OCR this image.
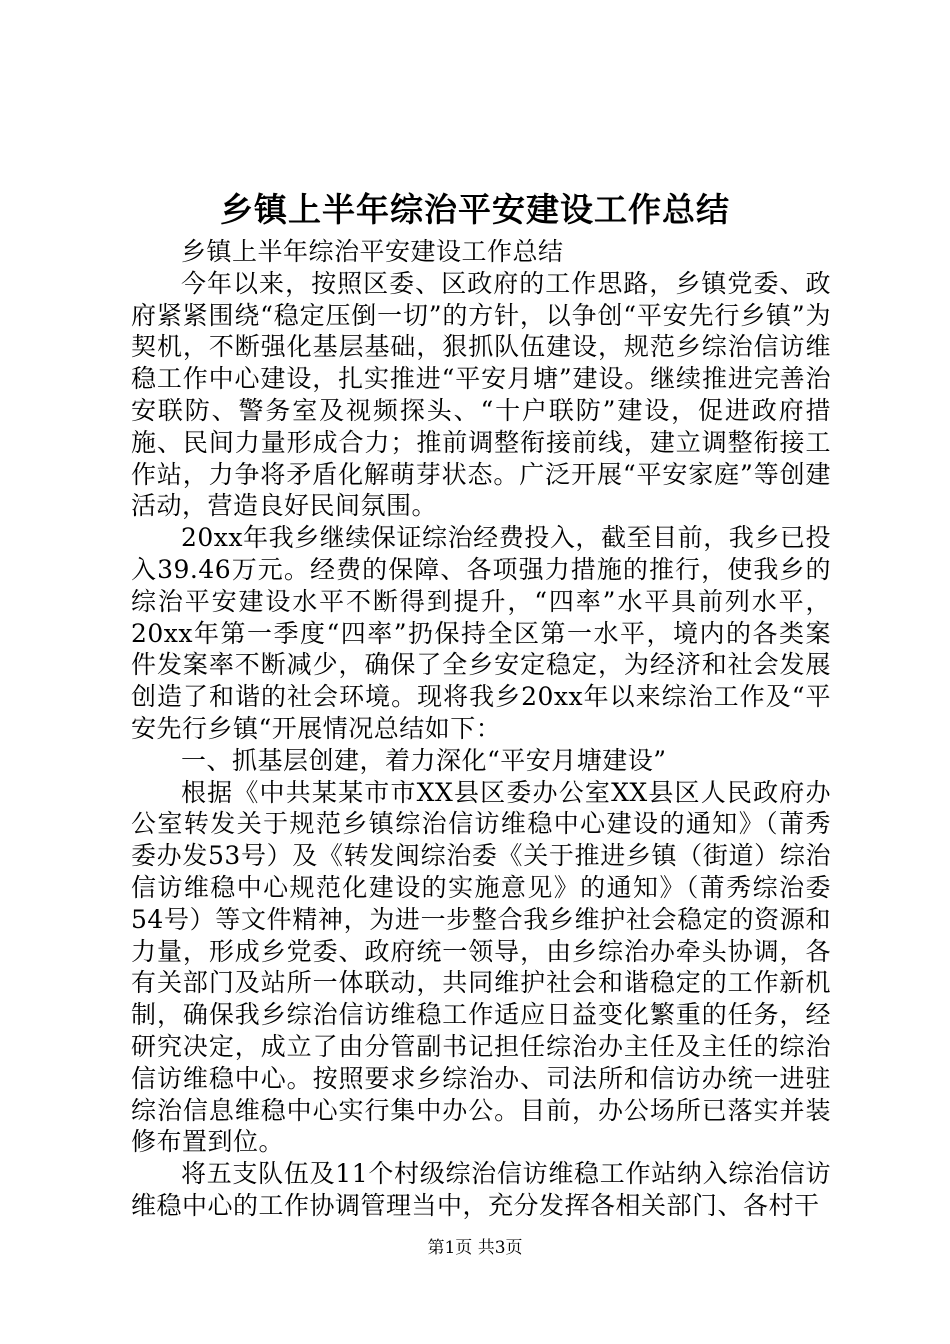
乡镇上半年综治平安建设工作总结

乡镇上半年综治平安建设工作总结

今年以来，按照区委、区政府的工作思路，乡镇党委、政府紧紧围绕“稳定压倒一切”的方针，以争创“平安先行乡镇”为契机，不断强化基层基础，狠抓队伍建设，规范乡综治信访维稳工作中心建设，扎实推进“平安月塘”建设。继续推进完善治安联防、警务室及视频探头、“十户联防”建设，促进政府措施、民间力量形成合力；推前调整衔接前线，建立调整衔接工作站，力争将矛盾化解萌芽状态。广泛开展“平安家庭”等创建活动，营造良好民间氛围。

20xx年我乡继续保证综治经费投入，截至目前，我乡已投入39.46万元。经费的保障、各项强力措施的推行，使我乡的综治平安建设水平不断得到提升，“四率”水平具前列水平，20xx年第一季度“四率”扔保持全区第一水平，境内的各类案件发案率不断减少，确保了全乡安定稳定，为经济和社会发展创造了和谐的社会环境。现将我乡20xx年以来综治工作及“平安先行乡镇“开展情况总结如下：

一、抓基层创建，着力深化“平安月塘建设”

根据《中共某某市市XX县区委办公室XX县区人民政府办公室转发关于规范乡镇综治信访维稳中心建设的通知》（莆秀委办发53号）及《转发闽综治委《关于推进乡镇（街道）综治信访维稳中心规范化建设的实施意见》的通知》（莆秀综治委54号）等文件精神，为进一步整合我乡维护社会稳定的资源和力量，形成乡党委、政府统一领导，由乡综治办牵头协调，各有关部门及站所一体联动，共同维护社会和谐稳定的工作新机制，确保我乡综治信访维稳工作适应日益变化繁重的任务，经研究决定，成立了由分管副书记担任综治办主任及主任的综治信访维稳中心。按照要求乡综治办、司法所和信访办统一进驻综治信息维稳中心实行集中办公。目前，办公场所已落实并装修布置到位。

将五支队伍及11个村级综治信访维稳工作站纳入综治信访维稳中心的工作协调管理当中，充分发挥各相关部门、各村干

第1页 共3页
